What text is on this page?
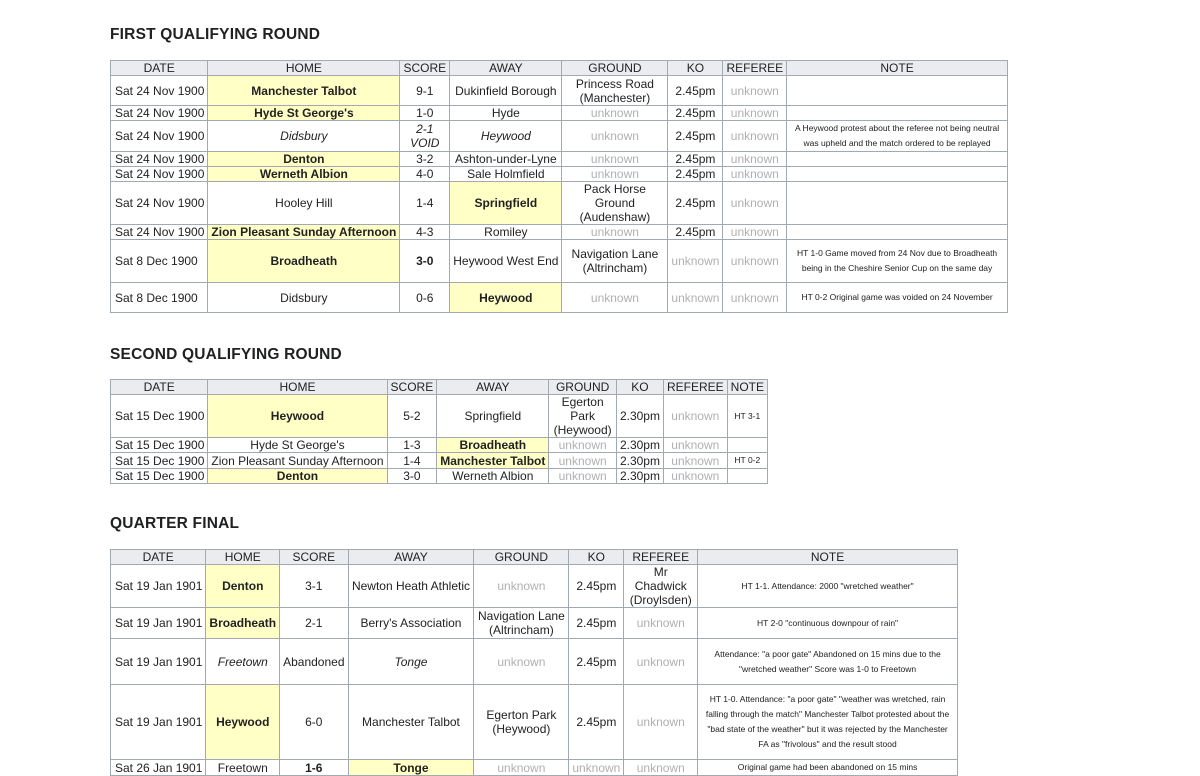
FIRST QUALIFYING ROUND
DATE	HOME	SCORE	AWAY	GROUND	KO	REFEREE	NOTE
Sat 24 Nov 1900	Manchester Talbot	9-1	Dukinfield Borough	Princess Road (Manchester)	2.45pm	unknown	
Sat 24 Nov 1900	Hyde St George's	1-0	Hyde	unknown	2.45pm	unknown	
Sat 24 Nov 1900	Didsbury	2-1 VOID	Heywood	unknown	2.45pm	unknown	A Heywood protest about the referee not being neutral was upheld and the match ordered to be replayed
Sat 24 Nov 1900	Denton	3-2	Ashton-under-Lyne	unknown	2.45pm	unknown	
Sat 24 Nov 1900	Werneth Albion	4-0	Sale Holmfield	unknown	2.45pm	unknown	
Sat 24 Nov 1900	Hooley Hill	1-4	Springfield	Pack Horse Ground (Audenshaw)	2.45pm	unknown	
Sat 24 Nov 1900	Zion Pleasant Sunday Afternoon	4-3	Romiley	unknown	2.45pm	unknown	
Sat 8 Dec 1900	Broadheath	3-0	Heywood West End	Navigation Lane (Altrincham)	unknown	unknown	HT 1-0 Game moved from 24 Nov due to Broadheath being in the Cheshire Senior Cup on the same day
Sat 8 Dec 1900	Didsbury	0-6	Heywood	unknown	unknown	unknown	HT 0-2 Original game was voided on 24 November
SECOND QUALIFYING ROUND
DATE	HOME	SCORE	AWAY	GROUND	KO	REFEREE	NOTE
Sat 15 Dec 1900	Heywood	5-2	Springfield	Egerton Park (Heywood)	2.30pm	unknown	HT 3-1
Sat 15 Dec 1900	Hyde St George's	1-3	Broadheath	unknown	2.30pm	unknown	
Sat 15 Dec 1900	Zion Pleasant Sunday Afternoon	1-4	Manchester Talbot	unknown	2.30pm	unknown	HT 0-2
Sat 15 Dec 1900	Denton	3-0	Werneth Albion	unknown	2.30pm	unknown	
QUARTER FINAL
DATE	HOME	SCORE	AWAY	GROUND	KO	REFEREE	NOTE
Sat 19 Jan 1901	Denton	3-1	Newton Heath Athletic	unknown	2.45pm	Mr Chadwick (Droylsden)	HT 1-1. Attendance: 2000 "wretched weather"
Sat 19 Jan 1901	Broadheath	2-1	Berry's Association	Navigation Lane (Altrincham)	2.45pm	unknown	HT 2-0 "continuous downpour of rain"
Sat 19 Jan 1901	Freetown	Abandoned	Tonge	unknown	2.45pm	unknown	Attendance: "a poor gate" Abandoned on 15 mins due to the "wretched weather" Score was 1-0 to Freetown
Sat 19 Jan 1901	Heywood	6-0	Manchester Talbot	Egerton Park (Heywood)	2.45pm	unknown	HT 1-0. Attendance: "a poor gate" "weather was wretched, rain falling through the match" Manchester Talbot protested about the "bad state of the weather" but it was rejected by the Manchester FA as "frivolous" and the result stood
Sat 26 Jan 1901	Freetown	1-6	Tonge	unknown	unknown	unknown	Original game had been abandoned on 15 mins
